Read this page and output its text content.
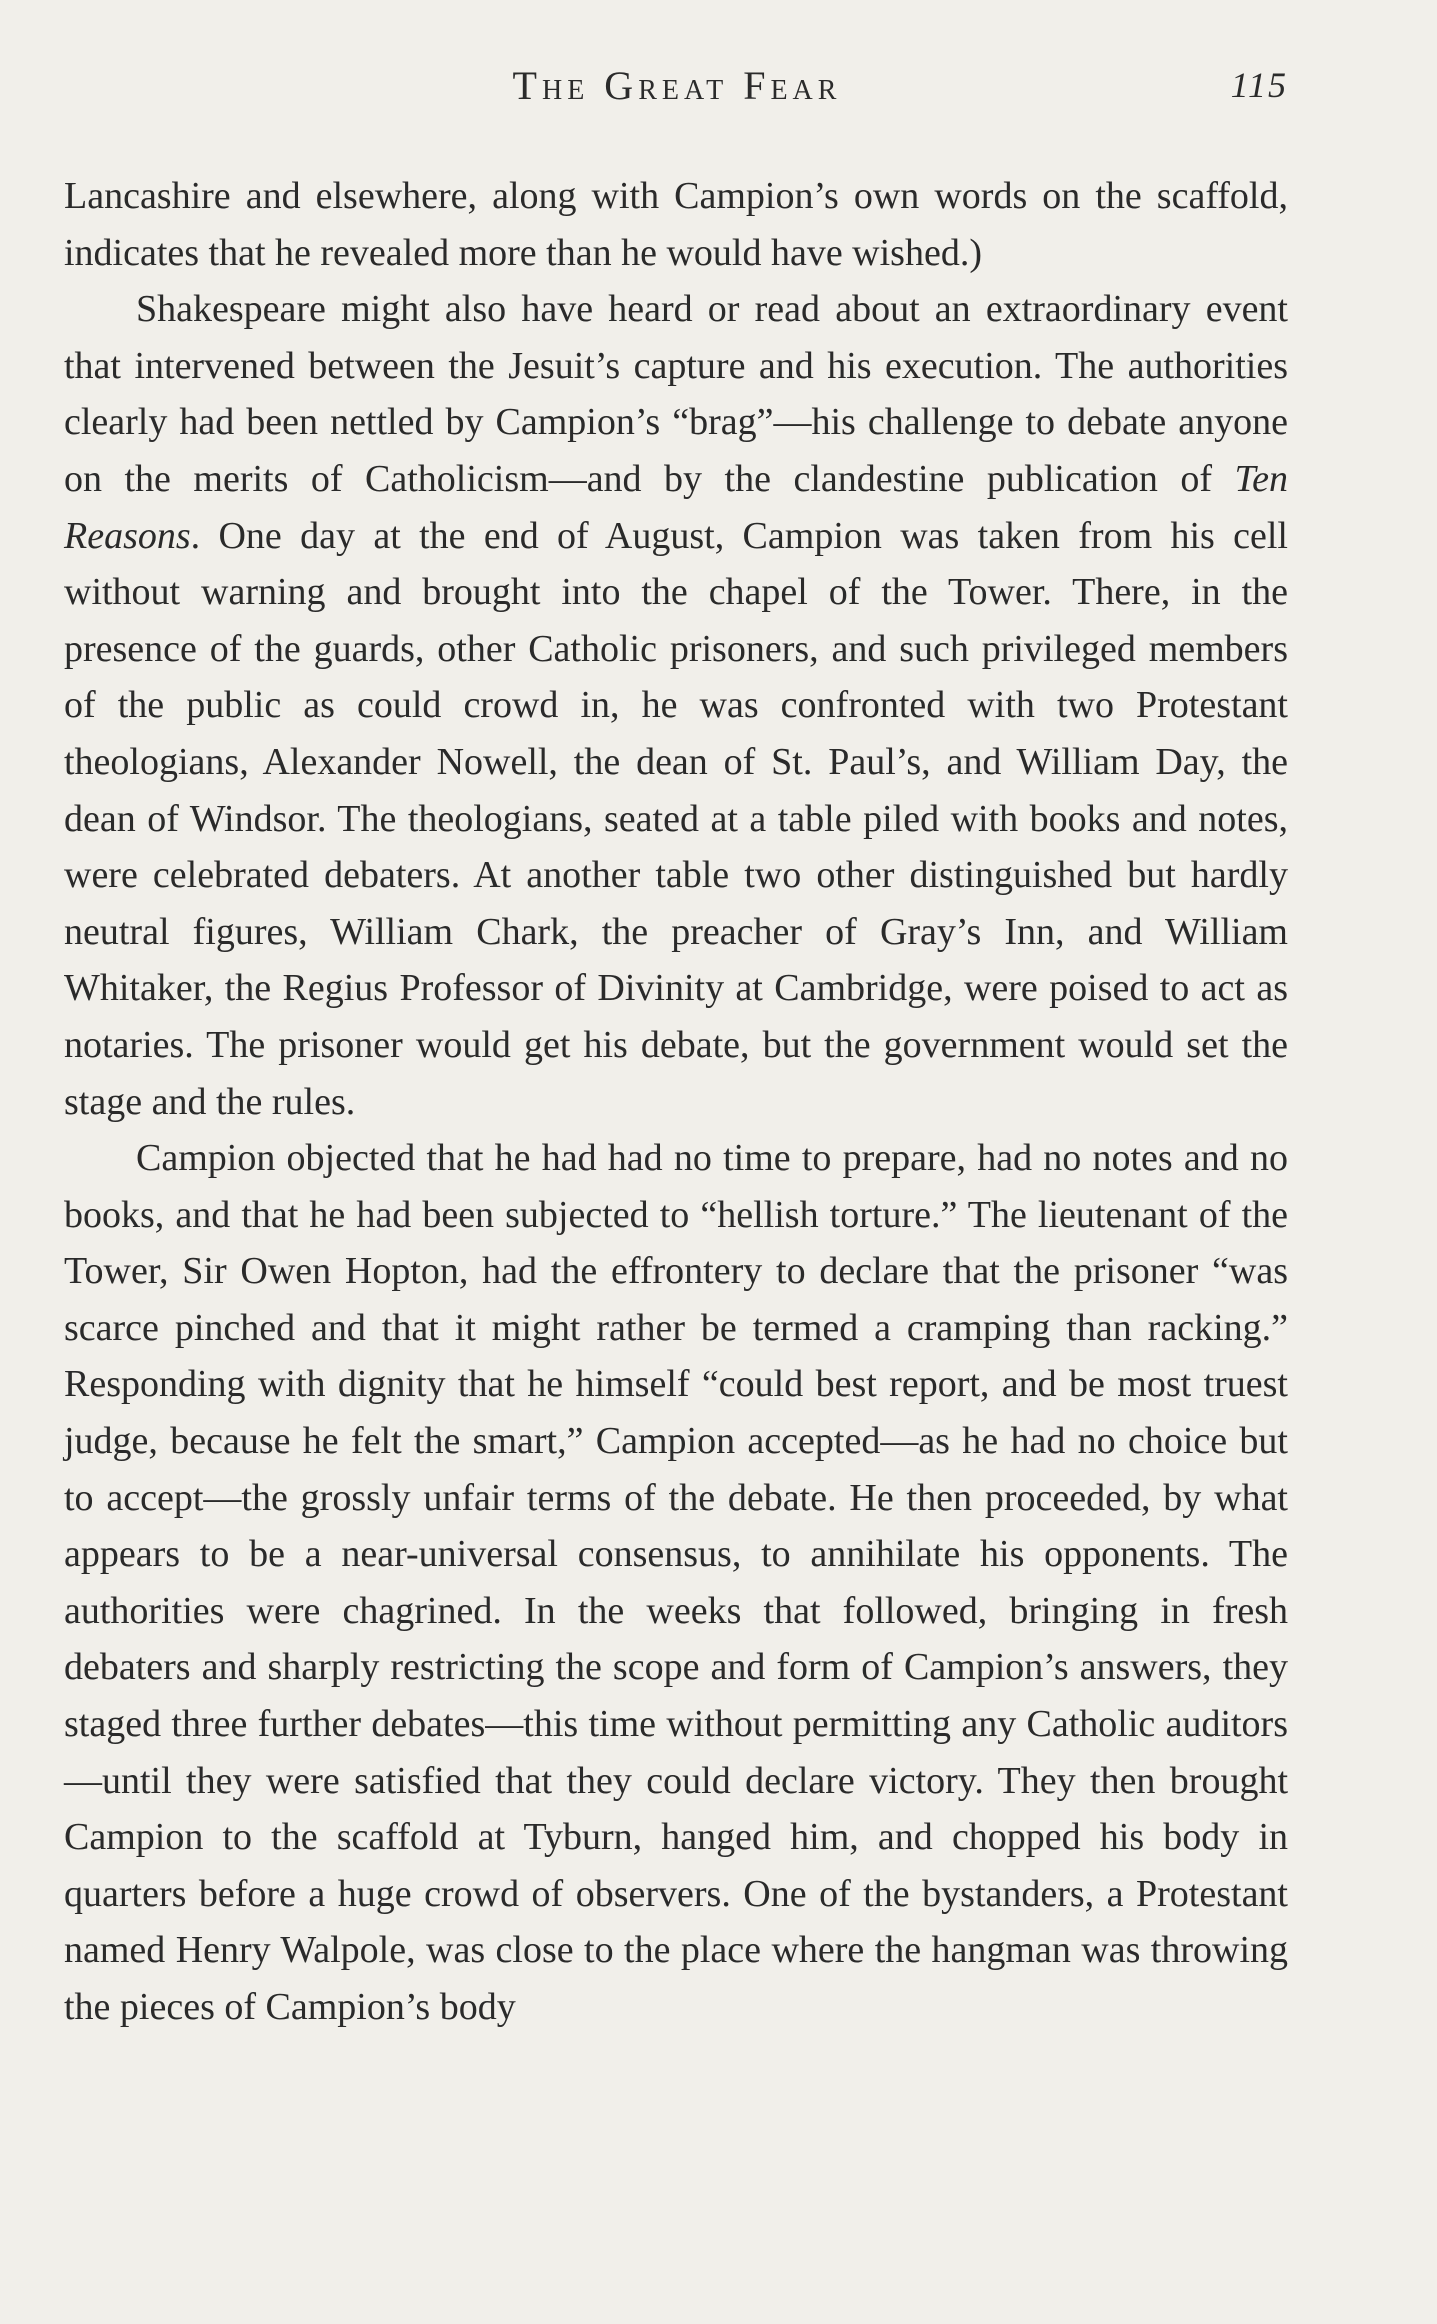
The Great Fear	115

Lancashire and elsewhere, along with Campion’s own words on the scaffold, indicates that he revealed more than he would have wished.)

Shakespeare might also have heard or read about an extraordinary event that intervened between the Jesuit’s capture and his execution. The authorities clearly had been nettled by Campion’s “brag”—his challenge to debate anyone on the merits of Catholicism—and by the clandestine publication of Ten Reasons. One day at the end of August, Campion was taken from his cell without warning and brought into the chapel of the Tower. There, in the presence of the guards, other Catholic prisoners, and such privileged members of the public as could crowd in, he was confronted with two Protestant theologians, Alexander Nowell, the dean of St. Paul’s, and William Day, the dean of Windsor. The theologians, seated at a table piled with books and notes, were celebrated debaters. At another table two other distinguished but hardly neutral figures, William Chark, the preacher of Gray’s Inn, and William Whitaker, the Regius Professor of Divinity at Cambridge, were poised to act as notaries. The prisoner would get his debate, but the government would set the stage and the rules.

Campion objected that he had had no time to prepare, had no notes and no books, and that he had been subjected to “hellish torture.” The lieutenant of the Tower, Sir Owen Hopton, had the effrontery to declare that the prisoner “was scarce pinched and that it might rather be termed a cramping than racking.” Responding with dignity that he himself “could best report, and be most truest judge, because he felt the smart,” Campion accepted—as he had no choice but to accept—the grossly unfair terms of the debate. He then proceeded, by what appears to be a near-universal consensus, to annihilate his opponents. The authorities were chagrined. In the weeks that followed, bringing in fresh debaters and sharply restricting the scope and form of Campion’s answers, they staged three further debates—this time without permitting any Catholic auditors—until they were satisfied that they could declare victory. They then brought Campion to the scaffold at Tyburn, hanged him, and chopped his body in quarters before a huge crowd of observers. One of the bystanders, a Protestant named Henry Walpole, was close to the place where the hangman was throwing the pieces of Campion’s body
